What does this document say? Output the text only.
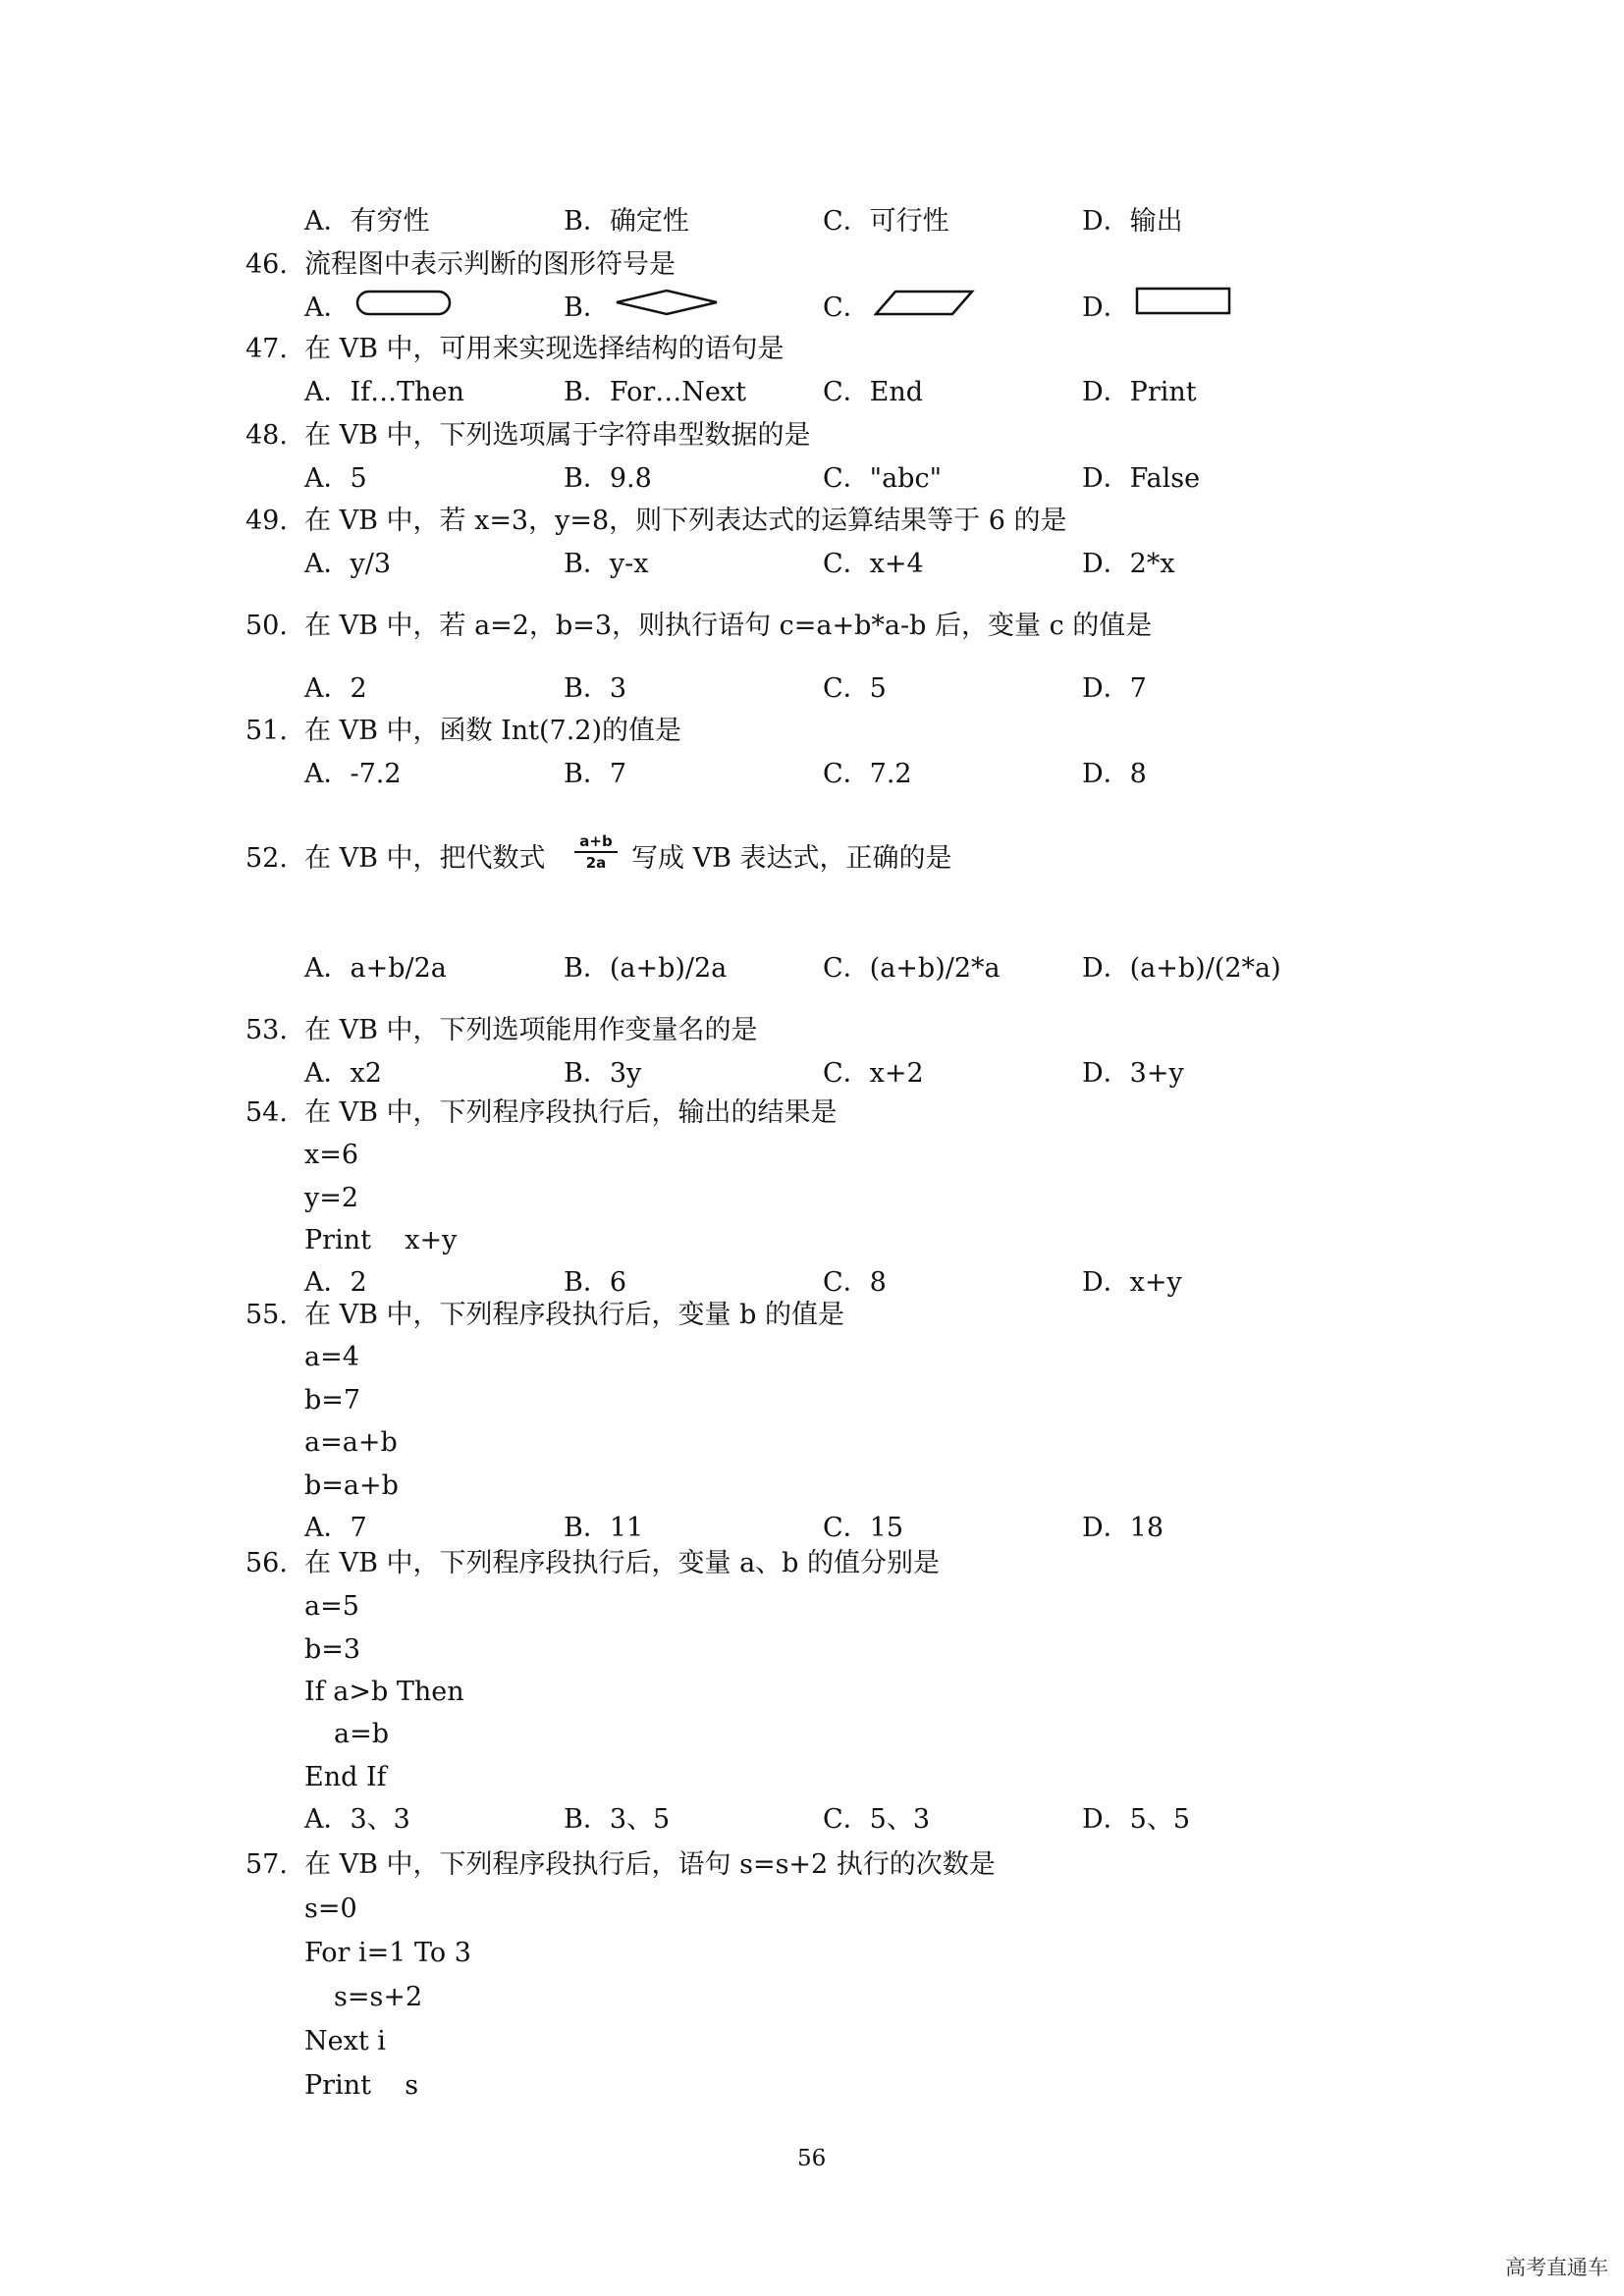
A．有穷性	B．确定性	C．可行性	D．输出
46. 流程图中表示判断的图形符号是
A．	B．	C．	D．
47. 在 VB 中，可用来实现选择结构的语句是
A．If…Then	B．For…Next	C．End	D．Print
48. 在 VB 中，下列选项属于字符串型数据的是
A．5	B．9.8	C．"abc"	D．False
49. 在 VB 中，若 x=3，y=8，则下列表达式的运算结果等于 6 的是
A．y/3	B．y-x	C．x+4	D．2*x
50. 在 VB 中，若 a=2，b=3，则执行语句 c=a+b*a-b 后，变量 c 的值是
A．2	B．3	C．5	D．7
51. 在 VB 中，函数 Int(7.2)的值是
A．-7.2	B．7	C．7.2	D．8
52. 在 VB 中，把代数式 $\frac{a+b}{2a}$ 写成 VB 表达式，正确的是
A．a+b/2a	B．(a+b)/2a	C．(a+b)/2*a	D．(a+b)/(2*a)
53. 在 VB 中，下列选项能用作变量名的是
A．x2	B．3y	C．x+2	D．3+y
54. 在 VB 中，下列程序段执行后，输出的结果是
x=6
y=2
Print    x+y
A．2	B．6	C．8	D．x+y
55. 在 VB 中，下列程序段执行后，变量 b 的值是
a=4
b=7
a=a+b
b=a+b
A．7	B．11	C．15	D．18
56. 在 VB 中，下列程序段执行后，变量 a、b 的值分别是
a=5
b=3
If a>b Then
a=b
End If
A．3、3	B．3、5	C．5、3	D．5、5
57. 在 VB 中，下列程序段执行后，语句 s=s+2 执行的次数是
s=0
For i=1 To 3
s=s+2
Next i
Print    s
56
高考直通车
